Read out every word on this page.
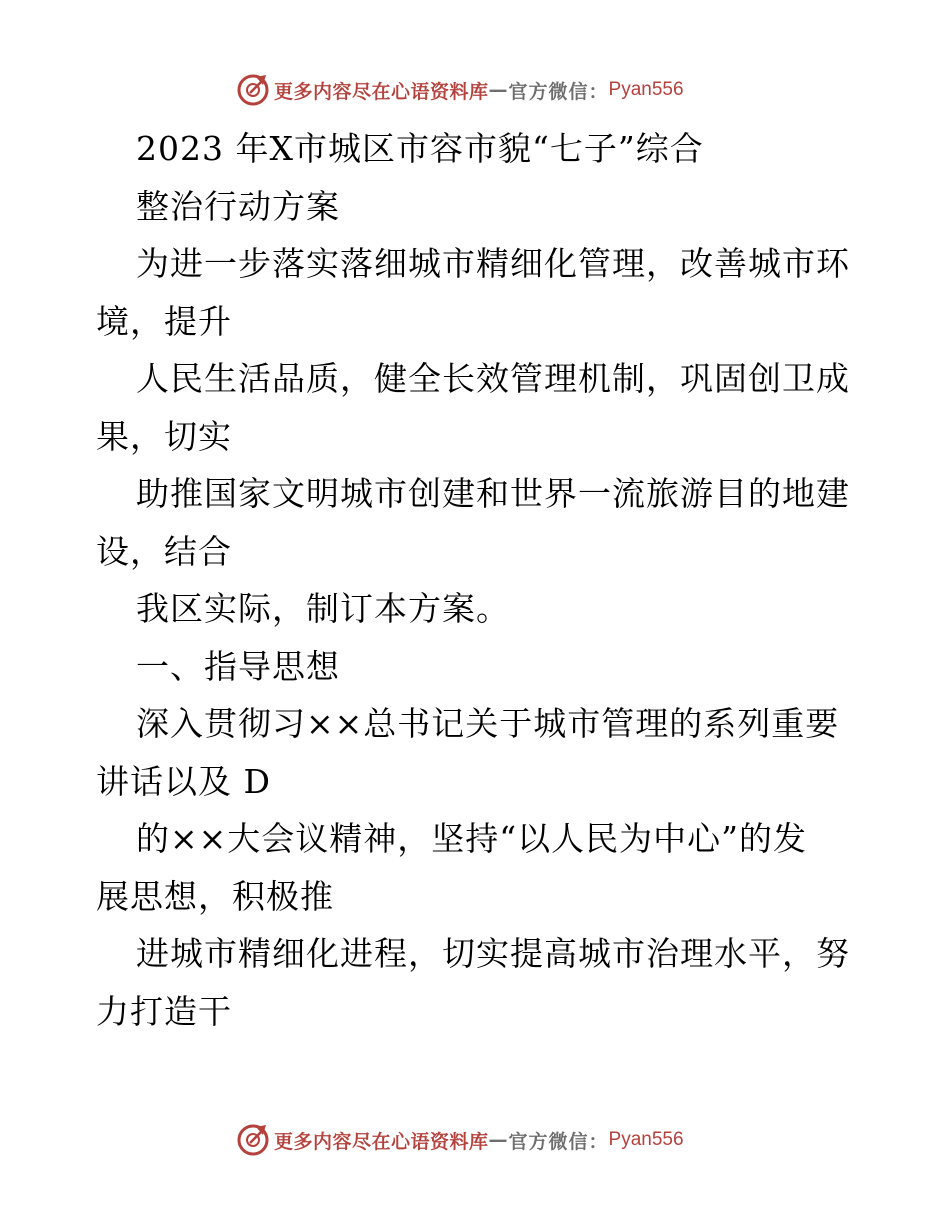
更多内容尽在心语资料库 — 官方微信： Pyan556
2023 年X市城区市容市貌“七子”综合
整治行动方案
为进一步落实落细城市精细化管理，改善城市环
境，提升
人民生活品质，健全长效管理机制，巩固创卫成
果，切实
助推国家文明城市创建和世界一流旅游目的地建
设，结合
我区实际，制订本方案。
一、指导思想
深入贯彻习××总书记关于城市管理的系列重要
讲话以及 D
的××大会议精神，坚持“以人民为中心”的发
展思想，积极推
进城市精细化进程，切实提高城市治理水平，努
力打造干
更多内容尽在心语资料库 — 官方微信： Pyan556
